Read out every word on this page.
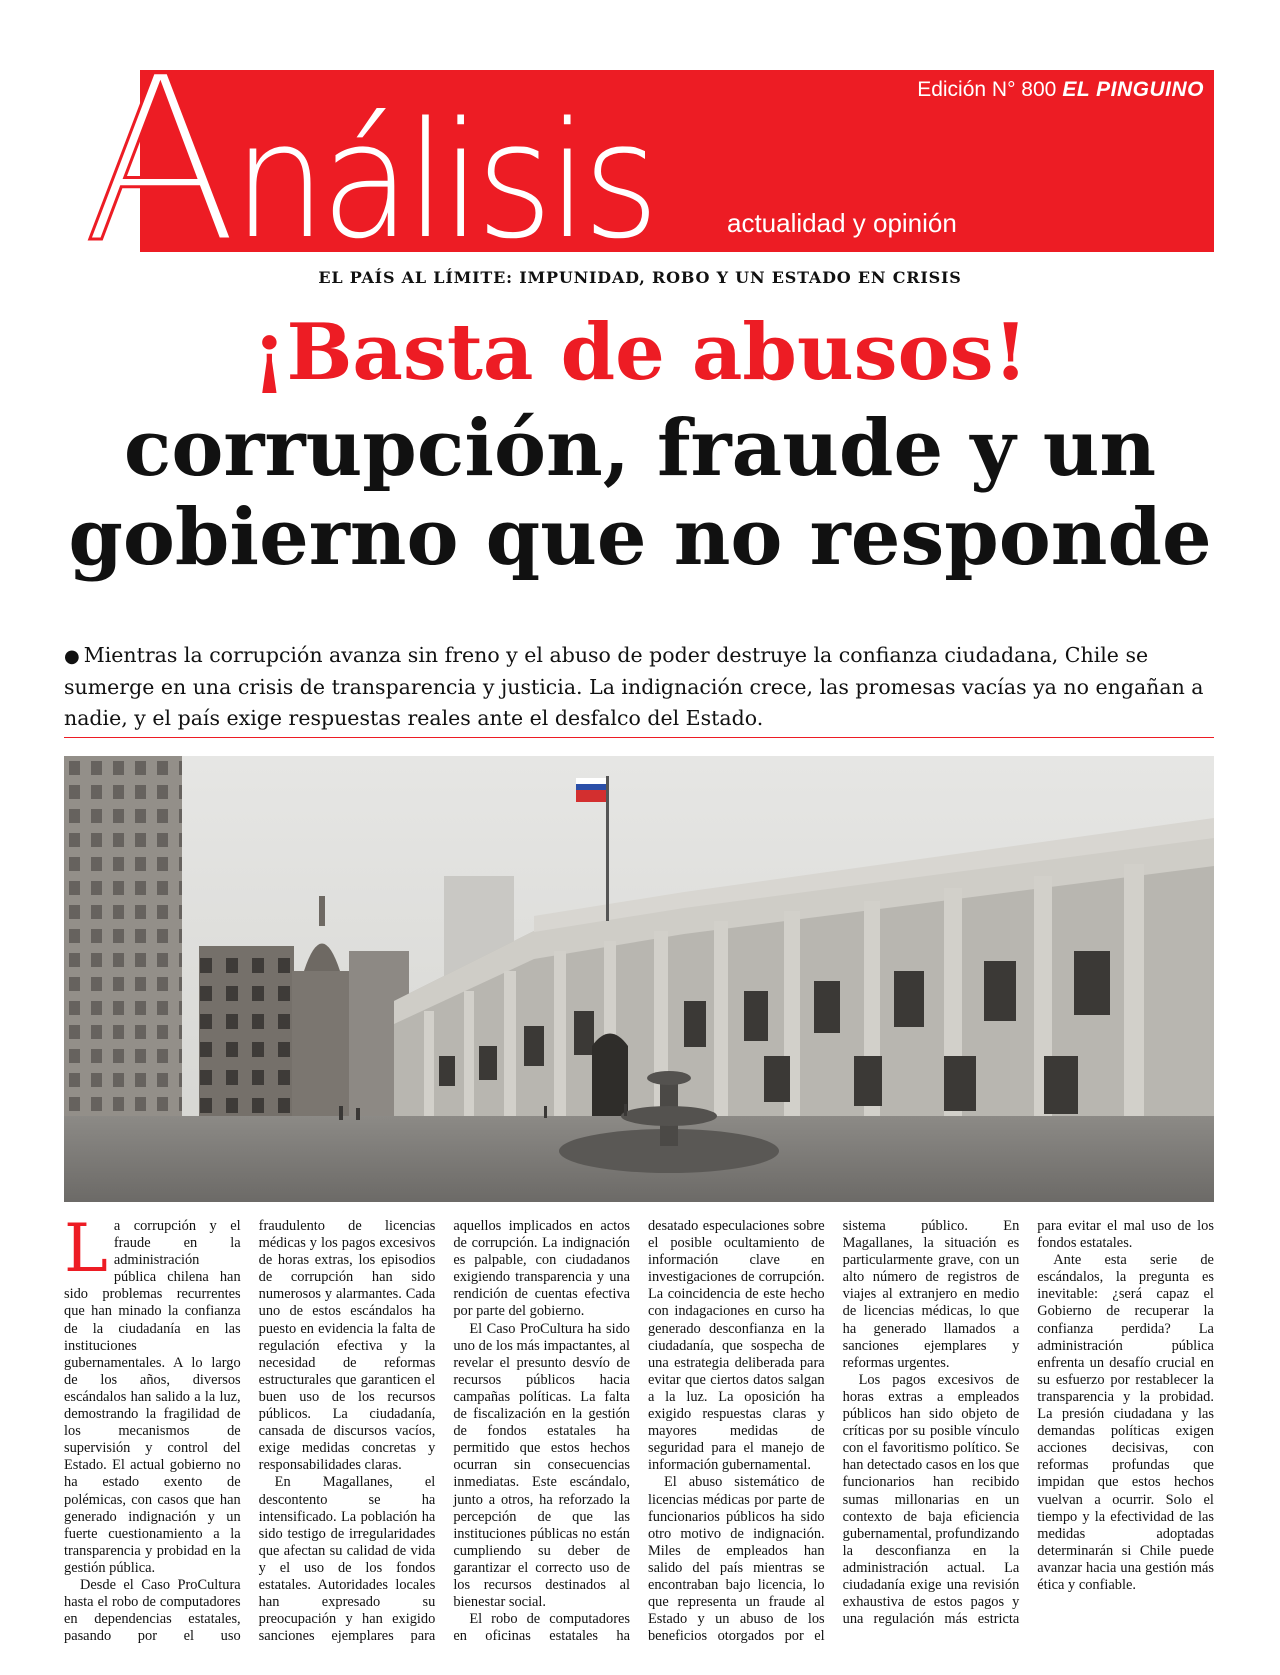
A nálisis	actualidad y opinión
Edición N° 800 EL PINGUINO
EL PAÍS AL LÍMITE: IMPUNIDAD, ROBO Y UN ESTADO EN CRISIS
¡Basta de abusos!
corrupción, fraude y un
gobierno que no responde

● Mientras la corrupción avanza sin freno y el abuso de poder destruye la confianza ciudadana, Chile se sumerge en una crisis de transparencia y justicia. La indignación crece, las promesas vacías ya no engañan a nadie, y el país exige respuestas reales ante el desfalco del Estado.

La corrupción y el fraude en la administración pública chilena han sido problemas recurrentes que han minado la confianza de la ciudadanía en las instituciones gubernamentales. A lo largo de los años, diversos escándalos han salido a la luz, demostrando la fragilidad de los mecanismos de supervisión y control del Estado. El actual gobierno no ha estado exento de polémicas, con casos que han generado indignación y un fuerte cuestionamiento a la transparencia y probidad en la gestión pública.

Desde el Caso ProCultura hasta el robo de computadores en dependencias estatales, pasando por el uso fraudulento de licencias médicas y los pagos excesivos de horas extras, los episodios de corrupción han sido numerosos y alarmantes. Cada uno de estos escándalos ha puesto en evidencia la falta de regulación efectiva y la necesidad de reformas estructurales que garanticen el buen uso de los recursos públicos. La ciudadanía, cansada de discursos vacíos, exige medidas concretas y responsabilidades claras.

En Magallanes, el descontento se ha intensificado. La población ha sido testigo de irregularidades que afectan su calidad de vida y el uso de los fondos estatales. Autoridades locales han expresado su preocupación y han exigido sanciones ejemplares para aquellos implicados en actos de corrupción. La indignación es palpable, con ciudadanos exigiendo transparencia y una rendición de cuentas efectiva por parte del gobierno.

El Caso ProCultura ha sido uno de los más impactantes, al revelar el presunto desvío de recursos públicos hacia campañas políticas. La falta de fiscalización en la gestión de fondos estatales ha permitido que estos hechos ocurran sin consecuencias inmediatas. Este escándalo, junto a otros, ha reforzado la percepción de que las instituciones públicas no están cumpliendo su deber de garantizar el correcto uso de los recursos destinados al bienestar social.

El robo de computadores en oficinas estatales ha desatado especulaciones sobre el posible ocultamiento de información clave en investigaciones de corrupción. La coincidencia de este hecho con indagaciones en curso ha generado desconfianza en la ciudadanía, que sospecha de una estrategia deliberada para evitar que ciertos datos salgan a la luz. La oposición ha exigido respuestas claras y mayores medidas de seguridad para el manejo de información gubernamental.

El abuso sistemático de licencias médicas por parte de funcionarios públicos ha sido otro motivo de indignación. Miles de empleados han salido del país mientras se encontraban bajo licencia, lo que representa un fraude al Estado y un abuso de los beneficios otorgados por el sistema público. En Magallanes, la situación es particularmente grave, con un alto número de registros de viajes al extranjero en medio de licencias médicas, lo que ha generado llamados a sanciones ejemplares y reformas urgentes.

Los pagos excesivos de horas extras a empleados públicos han sido objeto de críticas por su posible vínculo con el favoritismo político. Se han detectado casos en los que funcionarios han recibido sumas millonarias en un contexto de baja eficiencia gubernamental, profundizando la desconfianza en la administración actual. La ciudadanía exige una revisión exhaustiva de estos pagos y una regulación más estricta para evitar el mal uso de los fondos estatales.

Ante esta serie de escándalos, la pregunta es inevitable: ¿será capaz el Gobierno de recuperar la confianza perdida? La administración pública enfrenta un desafío crucial en su esfuerzo por restablecer la transparencia y la probidad. La presión ciudadana y las demandas políticas exigen acciones decisivas, con reformas profundas que impidan que estos hechos vuelvan a ocurrir. Solo el tiempo y la efectividad de las medidas adoptadas determinarán si Chile puede avanzar hacia una gestión más ética y confiable.
